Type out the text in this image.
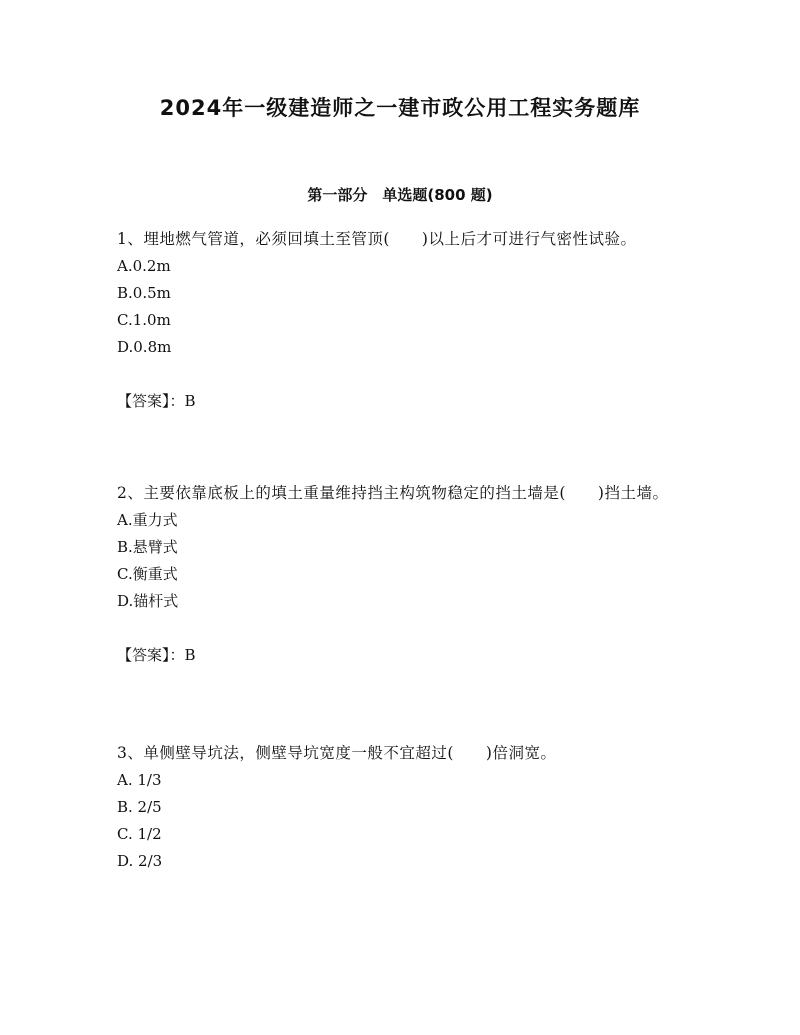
2024年一级建造师之一建市政公用工程实务题库
第一部分　单选题(800 题)

1、埋地燃气管道，必须回填土至管顶(　　)以上后才可进行气密性试验。

A.0.2m

B.0.5m

C.1.0m

D.0.8m

【答案】：B

2、主要依靠底板上的填土重量维持挡主构筑物稳定的挡土墙是(　　)挡土墙。

A.重力式

B.悬臂式

C.衡重式

D.锚杆式

【答案】：B

3、单侧壁导坑法，侧壁导坑宽度一般不宜超过(　　)倍洞宽。

A. 1/3

B. 2/5

C. 1/2

D. 2/3
